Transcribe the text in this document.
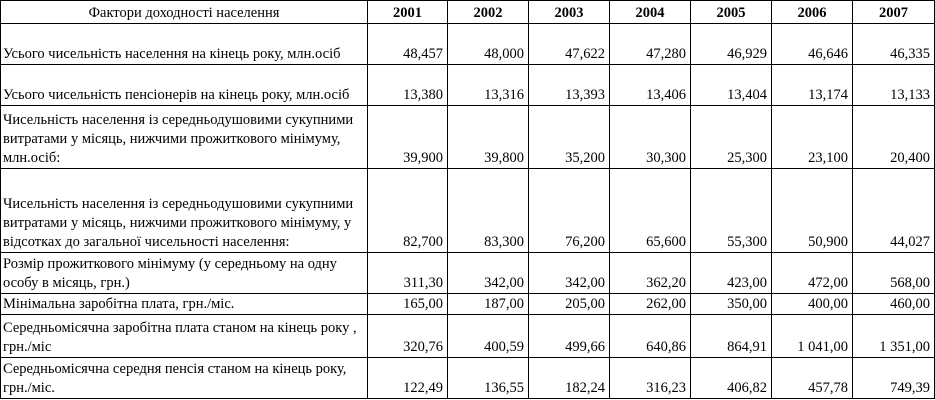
Фактори доходності населення	2001	2002	2003	2004	2005	2006	2007
Усього чисельність населення на кінець року, млн.осіб	48,457	48,000	47,622	47,280	46,929	46,646	46,335
Усього чисельність пенсіонерів на кінець року, млн.осіб	13,380	13,316	13,393	13,406	13,404	13,174	13,133
Чисельність населення із середньодушовими сукупними витратами у місяць, нижчими прожиткового мінімуму, млн.осіб:	39,900	39,800	35,200	30,300	25,300	23,100	20,400
Чисельність населення із середньодушовими сукупними витратами у місяць, нижчими прожиткового мінімуму, у відсотках до загальної чисельності населення:	82,700	83,300	76,200	65,600	55,300	50,900	44,027
Розмір прожиткового мінімуму (у середньому на одну особу в місяць, грн.)	311,30	342,00	342,00	362,20	423,00	472,00	568,00
Мінімальна заробітна плата, грн./міс.	165,00	187,00	205,00	262,00	350,00	400,00	460,00
Середньомісячна заробітна плата станом на кінець року , грн./міс	320,76	400,59	499,66	640,86	864,91	1 041,00	1 351,00
Середньомісячна середня пенсія станом на кінець року, грн./міс.	122,49	136,55	182,24	316,23	406,82	457,78	749,39
